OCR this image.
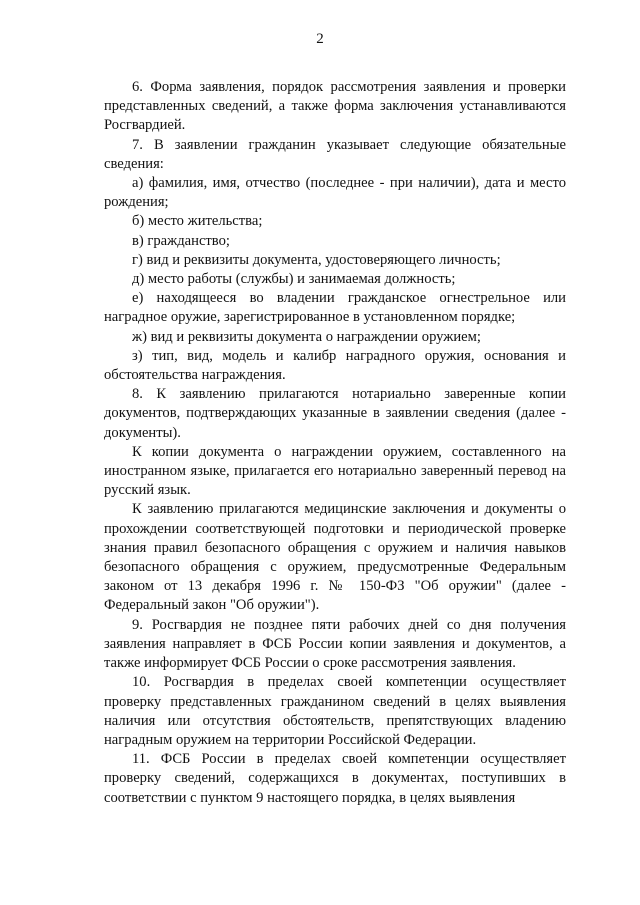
2

6. Форма заявления, порядок рассмотрения заявления и проверки представленных сведений, а также форма заключения устанавливаются Росгвардией.

7. В заявлении гражданин указывает следующие обязательные сведения:

а) фамилия, имя, отчество (последнее - при наличии), дата и место рождения;

б) место жительства;

в) гражданство;

г) вид и реквизиты документа, удостоверяющего личность;

д) место работы (службы) и занимаемая должность;

е) находящееся во владении гражданское огнестрельное или наградное оружие, зарегистрированное в установленном порядке;

ж) вид и реквизиты документа о награждении оружием;

з) тип, вид, модель и калибр наградного оружия, основания и обстоятельства награждения.

8. К заявлению прилагаются нотариально заверенные копии документов, подтверждающих указанные в заявлении сведения (далее - документы).

К копии документа о награждении оружием, составленного на иностранном языке, прилагается его нотариально заверенный перевод на русский язык.

К заявлению прилагаются медицинские заключения и документы о прохождении соответствующей подготовки и периодической проверке знания правил безопасного обращения с оружием и наличия навыков безопасного обращения с оружием, предусмотренные Федеральным законом от 13 декабря 1996 г. № 150-ФЗ "Об оружии" (далее - Федеральный закон "Об оружии").

9. Росгвардия не позднее пяти рабочих дней со дня получения заявления направляет в ФСБ России копии заявления и документов, а также информирует ФСБ России о сроке рассмотрения заявления.

10. Росгвардия в пределах своей компетенции осуществляет проверку представленных гражданином сведений в целях выявления наличия или отсутствия обстоятельств, препятствующих владению наградным оружием на территории Российской Федерации.

11. ФСБ России в пределах своей компетенции осуществляет проверку сведений, содержащихся в документах, поступивших в соответствии с пунктом 9 настоящего порядка, в целях выявления
